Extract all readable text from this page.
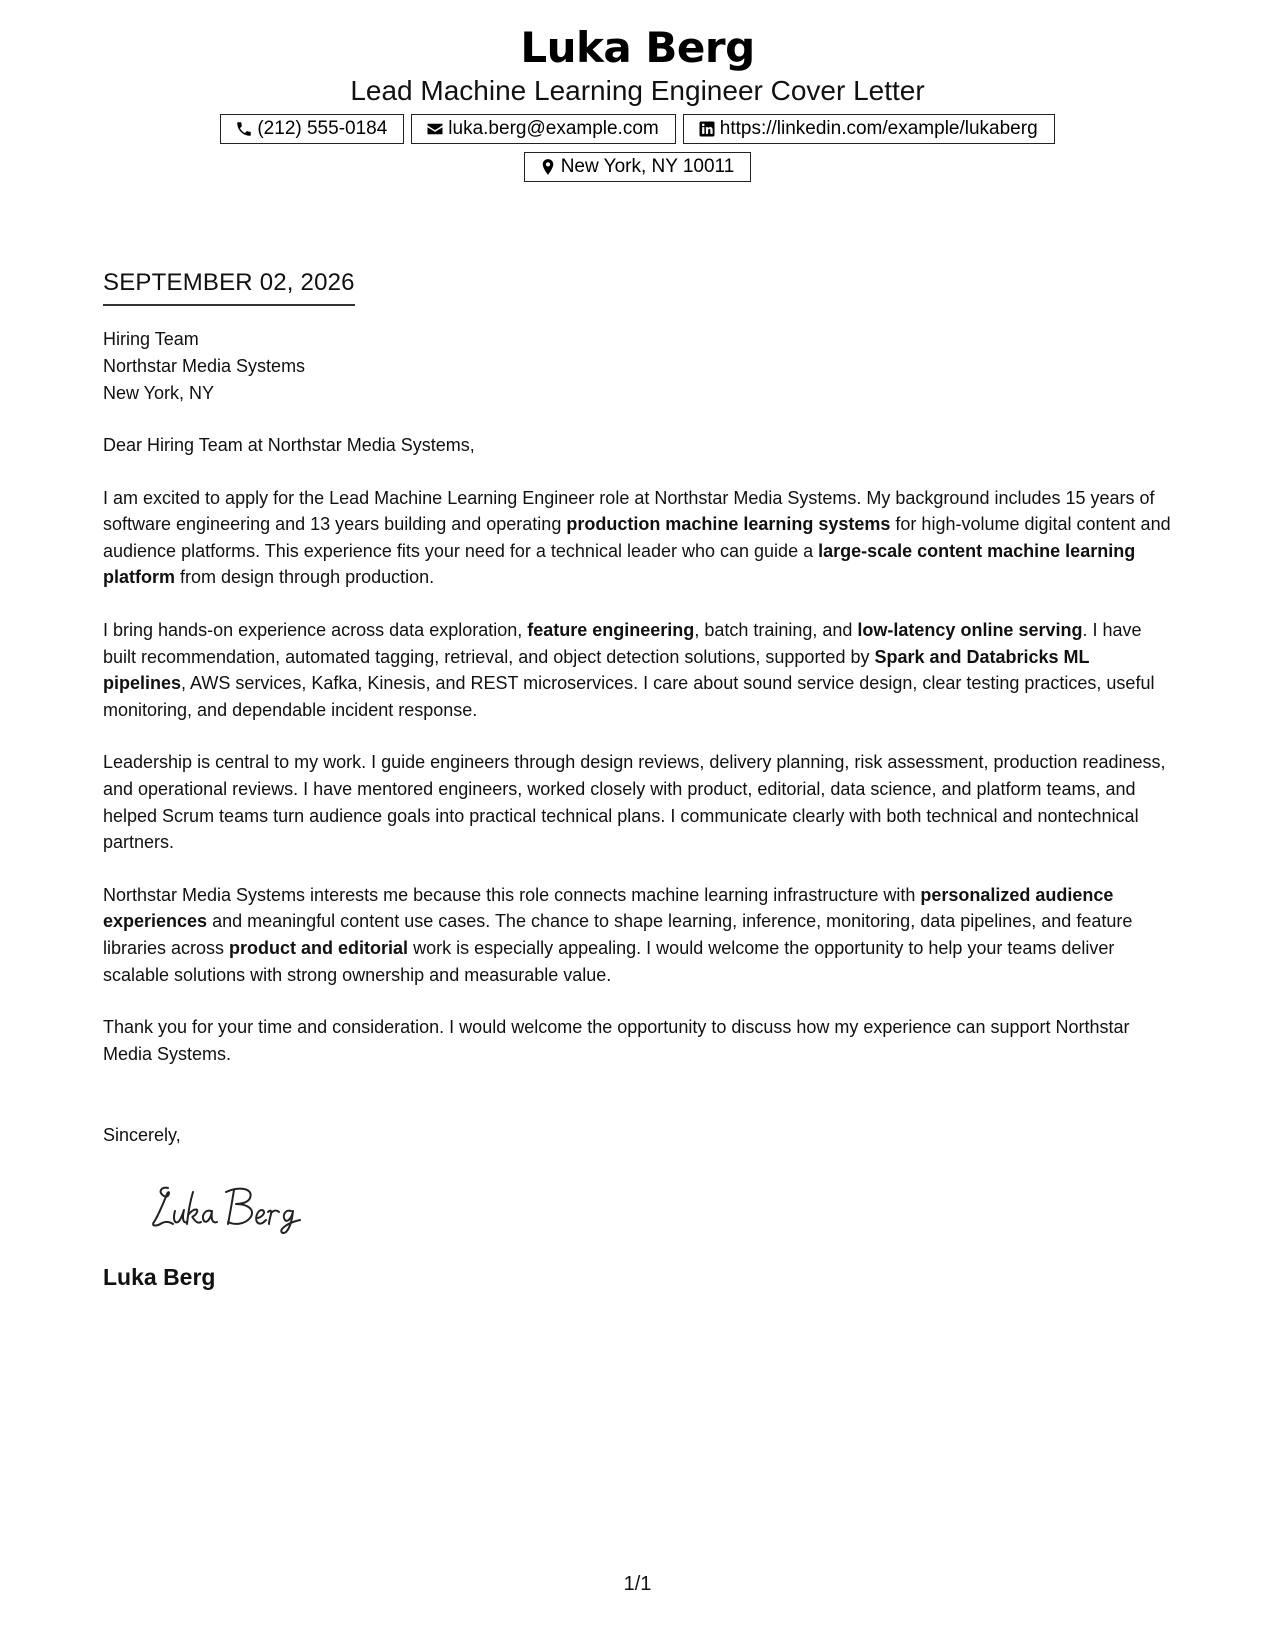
Luka Berg
Lead Machine Learning Engineer Cover Letter
(212) 555-0184	luka.berg@example.com	https://linkedin.com/example/lukaberg
New York, NY 10011
SEPTEMBER 02, 2026
Hiring Team
Northstar Media Systems
New York, NY

Dear Hiring Team at Northstar Media Systems,

I am excited to apply for the Lead Machine Learning Engineer role at Northstar Media Systems. My background includes 15 years of software engineering and 13 years building and operating production machine learning systems for high-volume digital content and audience platforms. This experience fits your need for a technical leader who can guide a large-scale content machine learning platform from design through production.

I bring hands-on experience across data exploration, feature engineering, batch training, and low-latency online serving. I have built recommendation, automated tagging, retrieval, and object detection solutions, supported by Spark and Databricks ML pipelines, AWS services, Kafka, Kinesis, and REST microservices. I care about sound service design, clear testing practices, useful monitoring, and dependable incident response.

Leadership is central to my work. I guide engineers through design reviews, delivery planning, risk assessment, production readiness, and operational reviews. I have mentored engineers, worked closely with product, editorial, data science, and platform teams, and helped Scrum teams turn audience goals into practical technical plans. I communicate clearly with both technical and nontechnical partners.

Northstar Media Systems interests me because this role connects machine learning infrastructure with personalized audience experiences and meaningful content use cases. The chance to shape learning, inference, monitoring, data pipelines, and feature libraries across product and editorial work is especially appealing. I would welcome the opportunity to help your teams deliver scalable solutions with strong ownership and measurable value.

Thank you for your time and consideration. I would welcome the opportunity to discuss how my experience can support Northstar Media Systems.

Sincerely,
Luka Berg
1/1
